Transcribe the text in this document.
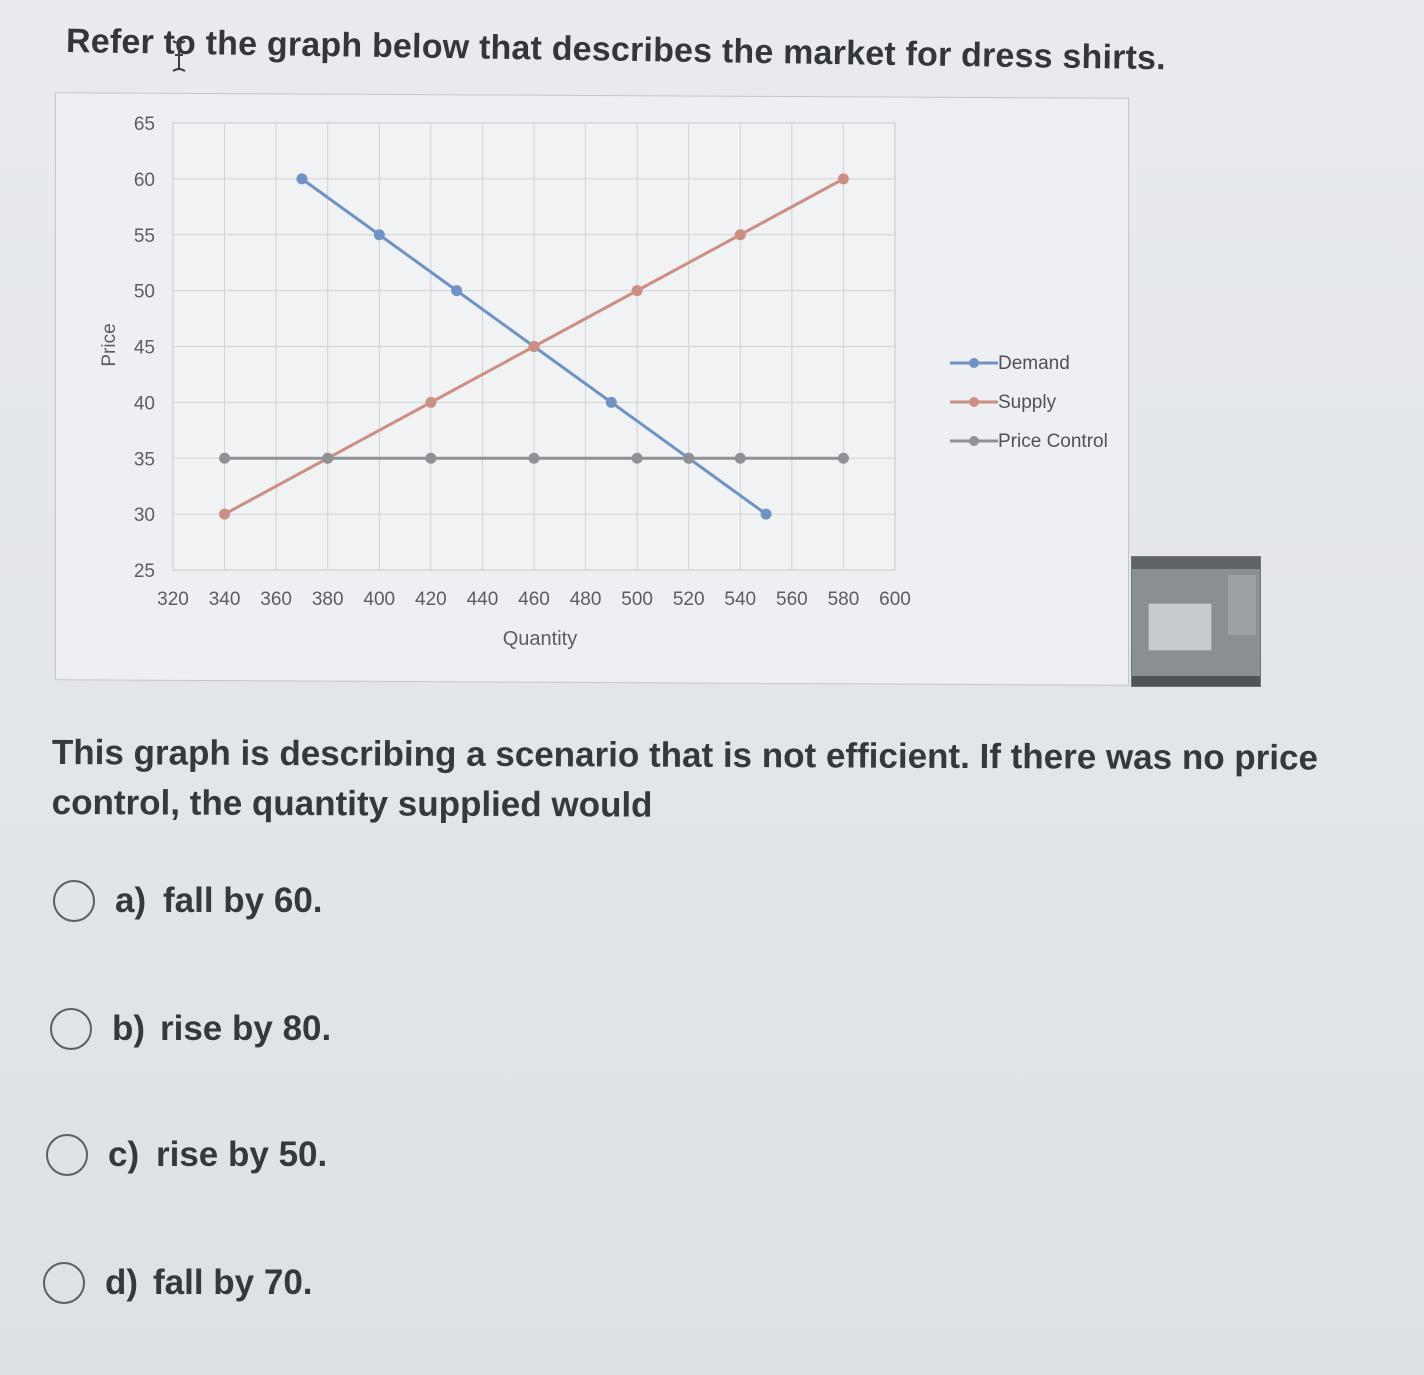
Refer to the graph below that describes the market for dress shirts.
320 340 360 380 400 420 440 460 480 500 520 540 560 580 600
25
30
35
40
45
50
55
60
65
Quantity
Price	Demand
Supply
Price Control
This graph is describing a scenario that is not efficient. If there was no price control, the quantity supplied would
a) fall by 60.
b) rise by 80.
c) rise by 50.
d) fall by 70.
